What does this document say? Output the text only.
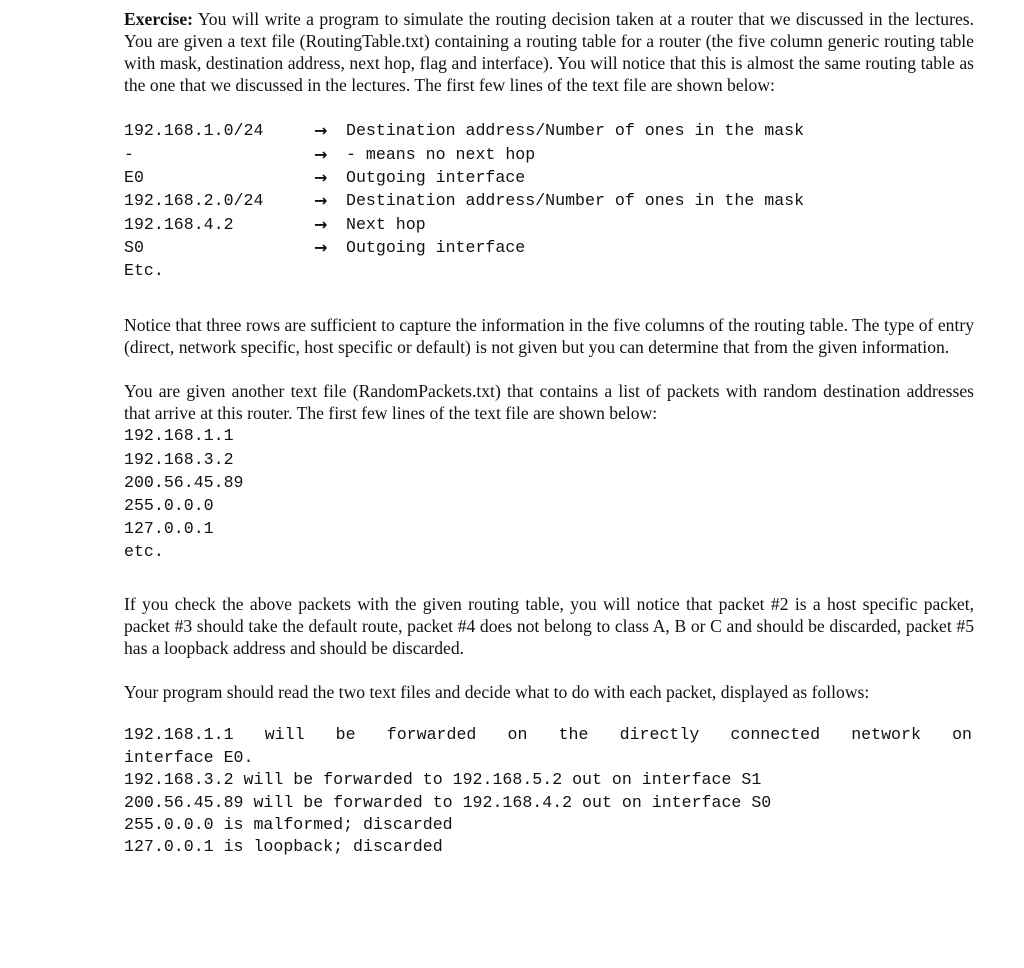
Exercise: You will write a program to simulate the routing decision taken at a router that we discussed in the lectures. You are given a text file (RoutingTable.txt) containing a routing table for a router (the five column generic routing table with mask, destination address, next hop, flag and interface). You will notice that this is almost the same routing table as the one that we discussed in the lectures. The first few lines of the text file are shown below:

192.168.1.0/24	→	Destination address/Number of ones in the mask
-	→	- means no next hop
E0	→	Outgoing interface
192.168.2.0/24	→	Destination address/Number of ones in the mask
192.168.4.2	→	Next hop
S0	→	Outgoing interface
Etc.

Notice that three rows are sufficient to capture the information in the five columns of the routing table. The type of entry (direct, network specific, host specific or default) is not given but you can determine that from the given information.

You are given another text file (RandomPackets.txt) that contains a list of packets with random destination addresses that arrive at this router. The first few lines of the text file are shown below:

192.168.1.1
192.168.3.2
200.56.45.89
255.0.0.0
127.0.0.1
etc.

If you check the above packets with the given routing table, you will notice that packet #2 is a host specific packet, packet #3 should take the default route, packet #4 does not belong to class A, B or C and should be discarded, packet #5 has a loopback address and should be discarded.

Your program should read the two text files and decide what to do with each packet, displayed as follows:

192.168.1.1 will be forwarded on the directly connected network on
interface E0.
192.168.3.2 will be forwarded to 192.168.5.2 out on interface S1
200.56.45.89 will be forwarded to 192.168.4.2 out on interface S0
255.0.0.0 is malformed; discarded
127.0.0.1 is loopback; discarded
